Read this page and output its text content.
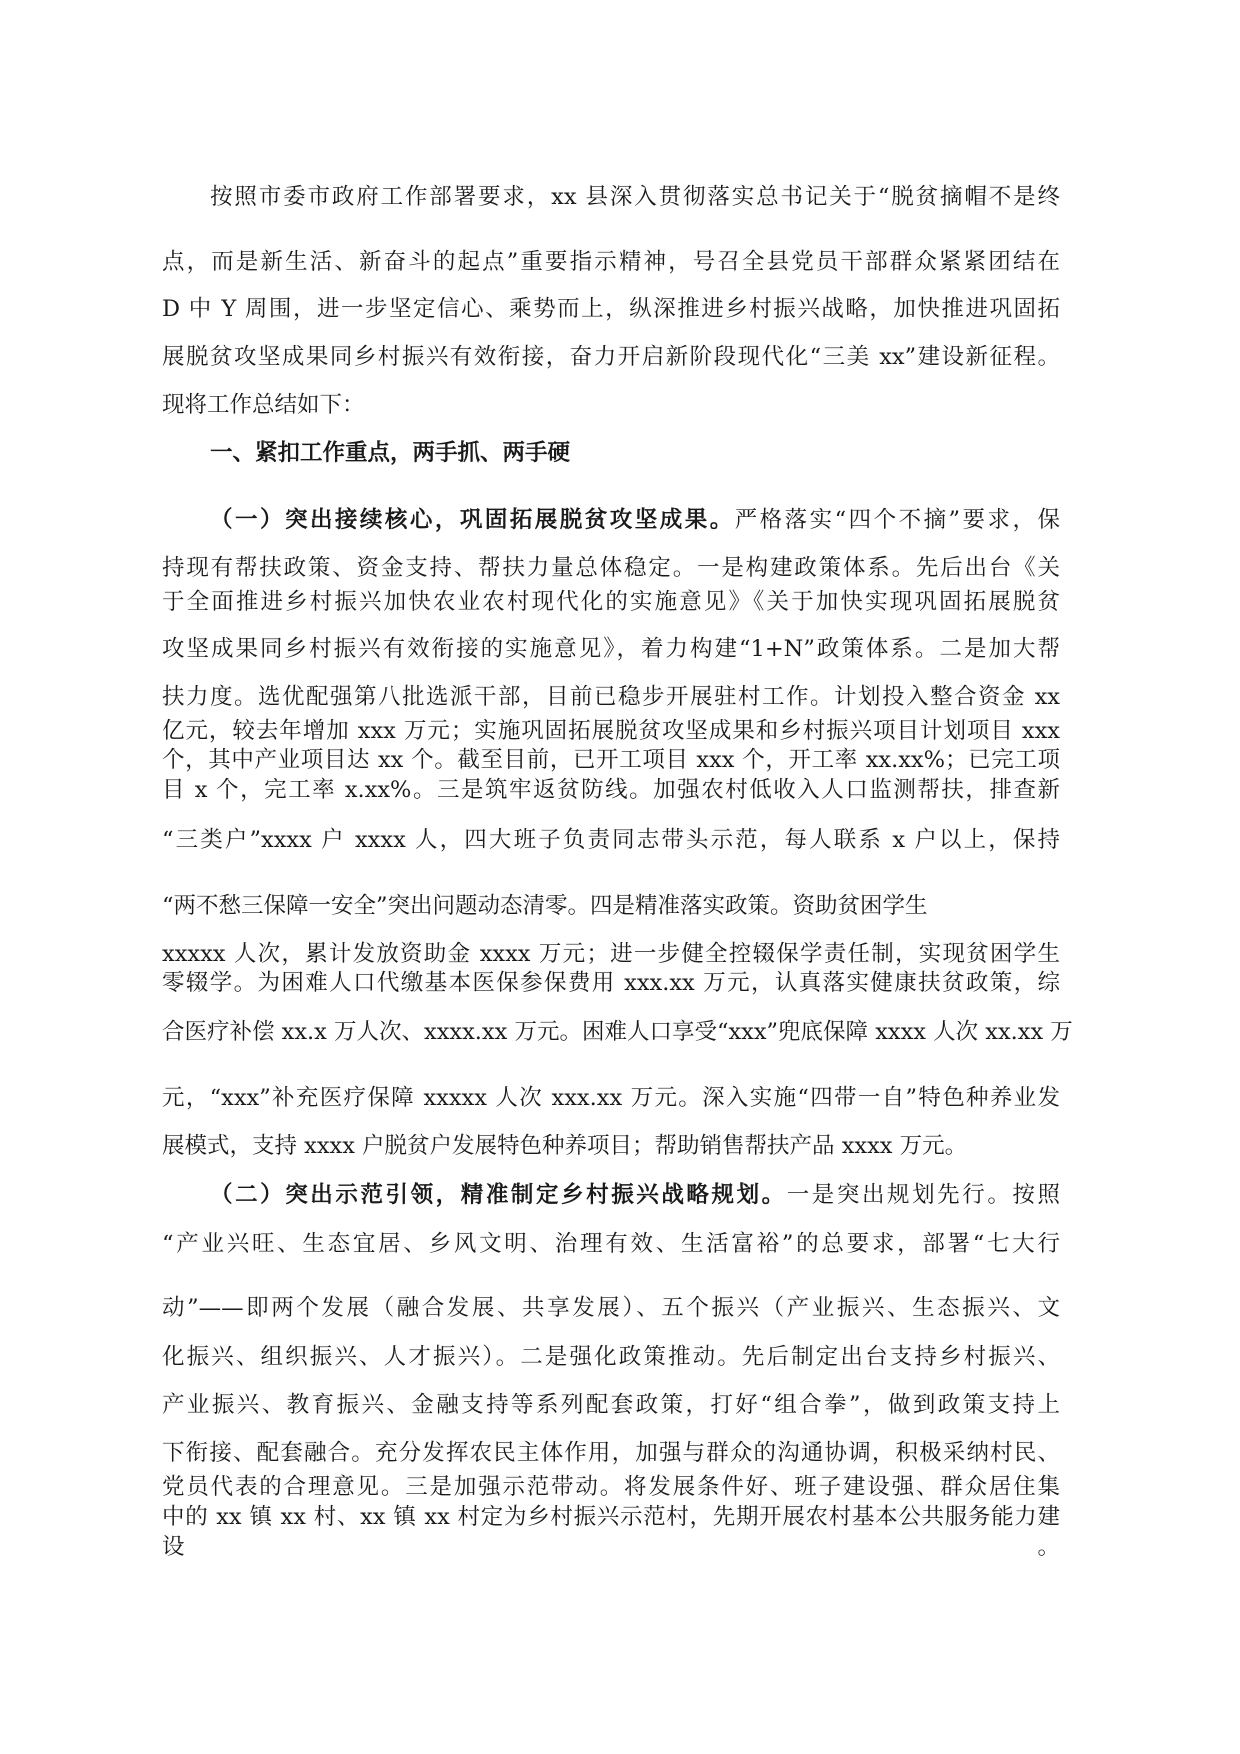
按照市委市政府工作部署要求，xx 县深入贯彻落实总书记关于“脱贫摘帽不是终
点，而是新生活、新奋斗的起点”重要指示精神，号召全县党员干部群众紧紧团结在
D 中 Y 周围，进一步坚定信心、乘势而上，纵深推进乡村振兴战略，加快推进巩固拓
展脱贫攻坚成果同乡村振兴有效衔接，奋力开启新阶段现代化“三美 xx”建设新征程。
现将工作总结如下：
一、紧扣工作重点，两手抓、两手硬
（一）突出接续核心，巩固拓展脱贫攻坚成果。严格落实“四个不摘”要求，保
持现有帮扶政策、资金支持、帮扶力量总体稳定。一是构建政策体系。先后出台《关
于全面推进乡村振兴加快农业农村现代化的实施意见》《关于加快实现巩固拓展脱贫
攻坚成果同乡村振兴有效衔接的实施意见》，着力构建“1+N”政策体系。二是加大帮
扶力度。选优配强第八批选派干部，目前已稳步开展驻村工作。计划投入整合资金 xx
亿元，较去年增加 xxx 万元；实施巩固拓展脱贫攻坚成果和乡村振兴项目计划项目 xxx
个，其中产业项目达 xx 个。截至目前，已开工项目 xxx 个，开工率 xx.xx%；已完工项
目 x 个，完工率 x.xx%。三是筑牢返贫防线。加强农村低收入人口监测帮扶，排查新
“三类户”xxxx 户 xxxx 人，四大班子负责同志带头示范，每人联系 x 户以上，保持
“两不愁三保障一安全”突出问题动态清零。四是精准落实政策。资助贫困学生
xxxxx 人次，累计发放资助金 xxxx 万元；进一步健全控辍保学责任制，实现贫困学生
零辍学。为困难人口代缴基本医保参保费用 xxx.xx 万元，认真落实健康扶贫政策，综
合医疗补偿 xx.x 万人次、xxxx.xx 万元。困难人口享受“xxx”兜底保障 xxxx 人次 xx.xx 万
元，“xxx”补充医疗保障 xxxxx 人次 xxx.xx 万元。深入实施“四带一自”特色种养业发
展模式，支持 xxxx 户脱贫户发展特色种养项目；帮助销售帮扶产品 xxxx 万元。
（二）突出示范引领，精准制定乡村振兴战略规划。一是突出规划先行。按照
“产业兴旺、生态宜居、乡风文明、治理有效、生活富裕”的总要求，部署“七大行
动”——即两个发展（融合发展、共享发展）、五个振兴（产业振兴、生态振兴、文
化振兴、组织振兴、人才振兴）。二是强化政策推动。先后制定出台支持乡村振兴、
产业振兴、教育振兴、金融支持等系列配套政策，打好“组合拳”，做到政策支持上
下衔接、配套融合。充分发挥农民主体作用，加强与群众的沟通协调，积极采纳村民、
党员代表的合理意见。三是加强示范带动。将发展条件好、班子建设强、群众居住集
中的 xx 镇 xx 村、xx 镇 xx 村定为乡村振兴示范村，先期开展农村基本公共服务能力建
设。
